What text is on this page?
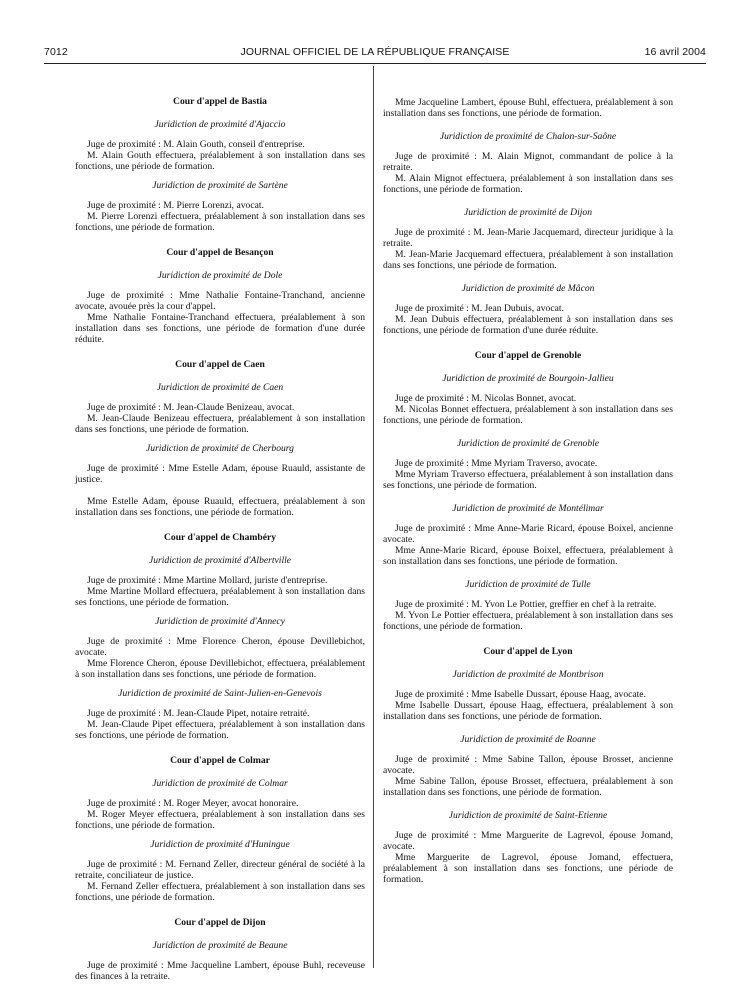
7012	JOURNAL OFFICIEL DE LA RÉPUBLIQUE FRANÇAISE	16 avril 2004
Cour d'appel de Bastia
Juridiction de proximité d'Ajaccio

Juge de proximité : M. Alain Gouth, conseil d'entreprise.

M. Alain Gouth effectuera, préalablement à son installation dans ses fonctions, une période de formation.

Juridiction de proximité de Sartène

Juge de proximité : M. Pierre Lorenzi, avocat.

M. Pierre Lorenzi effectuera, préalablement à son installation dans ses fonctions, une période de formation.

Cour d'appel de Besançon
Juridiction de proximité de Dole

Juge de proximité : Mme Nathalie Fontaine-Tranchand, ancienne avocate, avouée près la cour d'appel.

Mme Nathalie Fontaine-Tranchand effectuera, préalablement à son installation dans ses fonctions, une période de formation d'une durée réduite.

Cour d'appel de Caen
Juridiction de proximité de Caen

Juge de proximité : M. Jean-Claude Benizeau, avocat.

M. Jean-Claude Benizeau effectuera, préalablement à son installation dans ses fonctions, une période de formation.

Juridiction de proximité de Cherbourg

Juge de proximité : Mme Estelle Adam, épouse Ruauld, assistante de justice.

Mme Estelle Adam, épouse Ruauld, effectuera, préalablement à son installation dans ses fonctions, une période de formation.

Cour d'appel de Chambéry
Juridiction de proximité d'Albertville

Juge de proximité : Mme Martine Mollard, juriste d'entreprise.

Mme Martine Mollard effectuera, préalablement à son installation dans ses fonctions, une période de formation.

Juridiction de proximité d'Annecy

Juge de proximité : Mme Florence Cheron, épouse Devillebichot, avocate.

Mme Florence Cheron, épouse Devillebichot, effectuera, préalablement à son installation dans ses fonctions, une période de formation.

Juridiction de proximité de Saint-Julien-en-Genevois

Juge de proximité : M. Jean-Claude Pipet, notaire retraité.

M. Jean-Claude Pipet effectuera, préalablement à son installation dans ses fonctions, une période de formation.

Cour d'appel de Colmar
Juridiction de proximité de Colmar

Juge de proximité : M. Roger Meyer, avocat honoraire.

M. Roger Meyer effectuera, préalablement à son installation dans ses fonctions, une période de formation.

Juridiction de proximité d'Huningue

Juge de proximité : M. Fernand Zeller, directeur général de société à la retraite, conciliateur de justice.

M. Fernand Zeller effectuera, préalablement à son installation dans ses fonctions, une période de formation.

Cour d'appel de Dijon
Juridiction de proximité de Beaune

Juge de proximité : Mme Jacqueline Lambert, épouse Buhl, receveuse des finances à la retraite.

Mme Jacqueline Lambert, épouse Buhl, effectuera, préalablement à son installation dans ses fonctions, une période de formation.

Juridiction de proximité de Chalon-sur-Saône

Juge de proximité : M. Alain Mignot, commandant de police à la retraite.

M. Alain Mignot effectuera, préalablement à son installation dans ses fonctions, une période de formation.

Juridiction de proximité de Dijon

Juge de proximité : M. Jean-Marie Jacquemard, directeur juridique à la retraite.

M. Jean-Marie Jacquemard effectuera, préalablement à son installation dans ses fonctions, une période de formation.

Juridiction de proximité de Mâcon

Juge de proximité : M. Jean Dubuis, avocat.

M. Jean Dubuis effectuera, préalablement à son installation dans ses fonctions, une période de formation d'une durée réduite.

Cour d'appel de Grenoble
Juridiction de proximité de Bourgoin-Jallieu

Juge de proximité : M. Nicolas Bonnet, avocat.

M. Nicolas Bonnet effectuera, préalablement à son installation dans ses fonctions, une période de formation.

Juridiction de proximité de Grenoble

Juge de proximité : Mme Myriam Traverso, avocate.

Mme Myriam Traverso effectuera, préalablement à son installation dans ses fonctions, une période de formation.

Juridiction de proximité de Montélimar

Juge de proximité : Mme Anne-Marie Ricard, épouse Boixel, ancienne avocate.

Mme Anne-Marie Ricard, épouse Boixel, effectuera, préalablement à son installation dans ses fonctions, une période de formation.

Juridiction de proximité de Tulle

Juge de proximité : M. Yvon Le Pottier, greffier en chef à la retraite.

M. Yvon Le Pottier effectuera, préalablement à son installation dans ses fonctions, une période de formation.

Cour d'appel de Lyon
Juridiction de proximité de Montbrison

Juge de proximité : Mme Isabelle Dussart, épouse Haag, avocate.

Mme Isabelle Dussart, épouse Haag, effectuera, préalablement à son installation dans ses fonctions, une période de formation.

Juridiction de proximité de Roanne

Juge de proximité : Mme Sabine Tallon, épouse Brosset, ancienne avocate.

Mme Sabine Tallon, épouse Brosset, effectuera, préalablement à son installation dans ses fonctions, une période de formation.

Juridiction de proximité de Saint-Etienne

Juge de proximité : Mme Marguerite de Lagrevol, épouse Jomand, avocate.

Mme Marguerite de Lagrevol, épouse Jomand, effectuera, préalablement à son installation dans ses fonctions, une période de formation.
